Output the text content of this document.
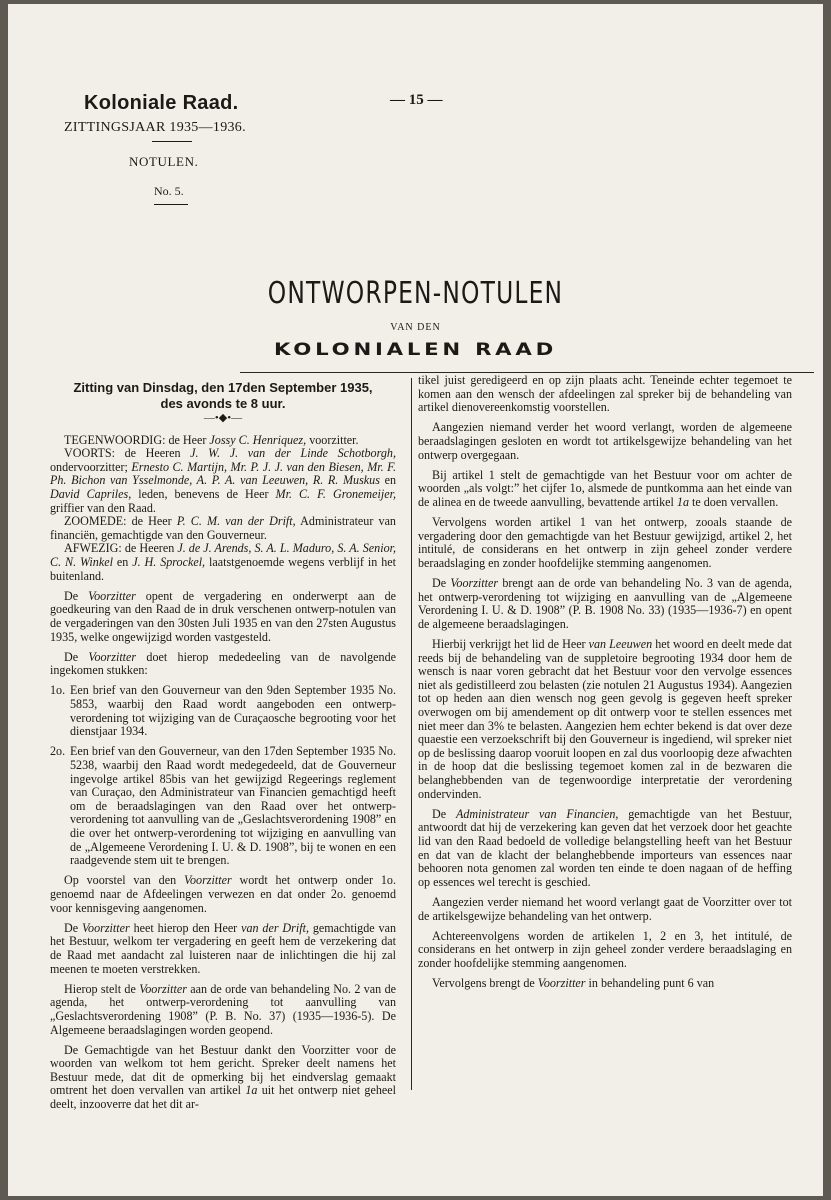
Koloniale Raad.
ZITTINGSJAAR 1935—1936.
— 15 —
NOTULEN.
No. 5.
ONTWORPEN-NOTULEN
VAN DEN
KOLONIALEN RAAD
Zitting van Dinsdag, den 17den September 1935,
des avonds te 8 uur.
—•◆•—

TEGENWOORDIG: de Heer Jossy C. Henriquez, voorzitter.

VOORTS: de Heeren J. W. J. van der Linde Schotborgh, ondervoorzitter; Ernesto C. Martijn, Mr. P. J. J. van den Biesen, Mr. F. Ph. Bichon van Ysselmonde, A. P. A. van Leeuwen, R. R. Muskus en David Capriles, leden, benevens de Heer Mr. C. F. Gronemeijer, griffier van den Raad.

ZOOMEDE: de Heer P. C. M. van der Drift, Administrateur van financiën, gemachtigde van den Gouverneur.

AFWEZIG: de Heeren J. de J. Arends, S. A. L. Maduro, S. A. Senior, C. N. Winkel en J. H. Sprockel, laatstgenoemde wegens verblijf in het buitenland.

De Voorzitter opent de vergadering en onderwerpt aan de goedkeuring van den Raad de in druk verschenen ontwerp-notulen van de vergaderingen van den 30sten Juli 1935 en van den 27sten Augustus 1935, welke ongewijzigd worden vastgesteld.

De Voorzitter doet hierop mededeeling van de navolgende ingekomen stukken:

1o. Een brief van den Gouverneur van den 9den September 1935 No. 5853, waarbij den Raad wordt aangeboden een ontwerp-verordening tot wijziging van de Curaçaosche begrooting voor het dienstjaar 1934.
2o. Een brief van den Gouverneur, van den 17den September 1935 No. 5238, waarbij den Raad wordt medegedeeld, dat de Gouverneur ingevolge artikel 85bis van het gewijzigd Regeerings reglement van Curaçao, den Administrateur van Financien gemachtigd heeft om de beraadslagingen van den Raad over het ontwerp-verordening tot aanvulling van de „Geslachtsverordening 1908” en die over het ontwerp-verordening tot wijziging en aanvulling van de „Algemeene Verordening I. U. & D. 1908”, bij te wonen en een raadgevende stem uit te brengen.

Op voorstel van den Voorzitter wordt het ontwerp onder 1o. genoemd naar de Afdeelingen verwezen en dat onder 2o. genoemd voor kennisgeving aangenomen.

De Voorzitter heet hierop den Heer van der Drift, gemachtigde van het Bestuur, welkom ter vergadering en geeft hem de verzekering dat de Raad met aandacht zal luisteren naar de inlichtingen die hij zal meenen te moeten verstrekken.

Hierop stelt de Voorzitter aan de orde van behandeling No. 2 van de agenda, het ontwerp-verordening tot aanvulling van „Geslachtsverordening 1908” (P. B. No. 37) (1935—1936-5). De Algemeene beraadslagingen worden geopend.

De Gemachtigde van het Bestuur dankt den Voorzitter voor de woorden van welkom tot hem gericht. Spreker deelt namens het Bestuur mede, dat dit de opmerking bij het eindverslag gemaakt omtrent het doen vervallen van artikel 1a uit het ontwerp niet geheel deelt, inzooverre dat het dit ar-

tikel juist geredigeerd en op zijn plaats acht. Teneinde echter tegemoet te komen aan den wensch der afdeelingen zal spreker bij de behandeling van artikel dienovereenkomstig voorstellen.

Aangezien niemand verder het woord verlangt, worden de algemeene beraadslagingen gesloten en wordt tot artikelsgewijze behandeling van het ontwerp overgegaan.

Bij artikel 1 stelt de gemachtigde van het Bestuur voor om achter de woorden „als volgt:” het cijfer 1o, alsmede de puntkomma aan het einde van de alinea en de tweede aanvulling, bevattende artikel 1a te doen vervallen.

Vervolgens worden artikel 1 van het ontwerp, zooals staande de vergadering door den gemachtigde van het Bestuur gewijzigd, artikel 2, het intitulé, de considerans en het ontwerp in zijn geheel zonder verdere beraadslaging en zonder hoofdelijke stemming aangenomen.

De Voorzitter brengt aan de orde van behandeling No. 3 van de agenda, het ontwerp-verordening tot wijziging en aanvulling van de „Algemeene Verordening I. U. & D. 1908” (P. B. 1908 No. 33) (1935—1936-7) en opent de algemeene beraadslagingen.

Hierbij verkrijgt het lid de Heer van Leeuwen het woord en deelt mede dat reeds bij de behandeling van de suppletoire begrooting 1934 door hem de wensch is naar voren gebracht dat het Bestuur voor den vervolge essences niet als gedistilleerd zou belasten (zie notulen 21 Augustus 1934). Aangezien tot op heden aan dien wensch nog geen gevolg is gegeven heeft spreker overwogen om bij amendement op dit ontwerp voor te stellen essences met niet meer dan 3% te belasten. Aangezien hem echter bekend is dat over deze quaestie een verzoekschrift bij den Gouverneur is ingediend, wil spreker niet op de beslissing daarop vooruit loopen en zal dus voorloopig deze afwachten in de hoop dat die beslissing tegemoet komen zal in de bezwaren die belanghebbenden van de tegenwoordige interpretatie der verordening ondervinden.

De Administrateur van Financien, gemachtigde van het Bestuur, antwoordt dat hij de verzekering kan geven dat het verzoek door het geachte lid van den Raad bedoeld de volledige belangstelling heeft van het Bestuur en dat van de klacht der belanghebbende importeurs van essences naar behooren nota genomen zal worden ten einde te doen nagaan of de heffing op essences wel terecht is geschied.

Aangezien verder niemand het woord verlangt gaat de Voorzitter over tot de artikelsgewijze behandeling van het ontwerp.

Achtereenvolgens worden de artikelen 1, 2 en 3, het intitulé, de considerans en het ontwerp in zijn geheel zonder verdere beraadslaging en zonder hoofdelijke stemming aangenomen.

Vervolgens brengt de Voorzitter in behandeling punt 6 van
